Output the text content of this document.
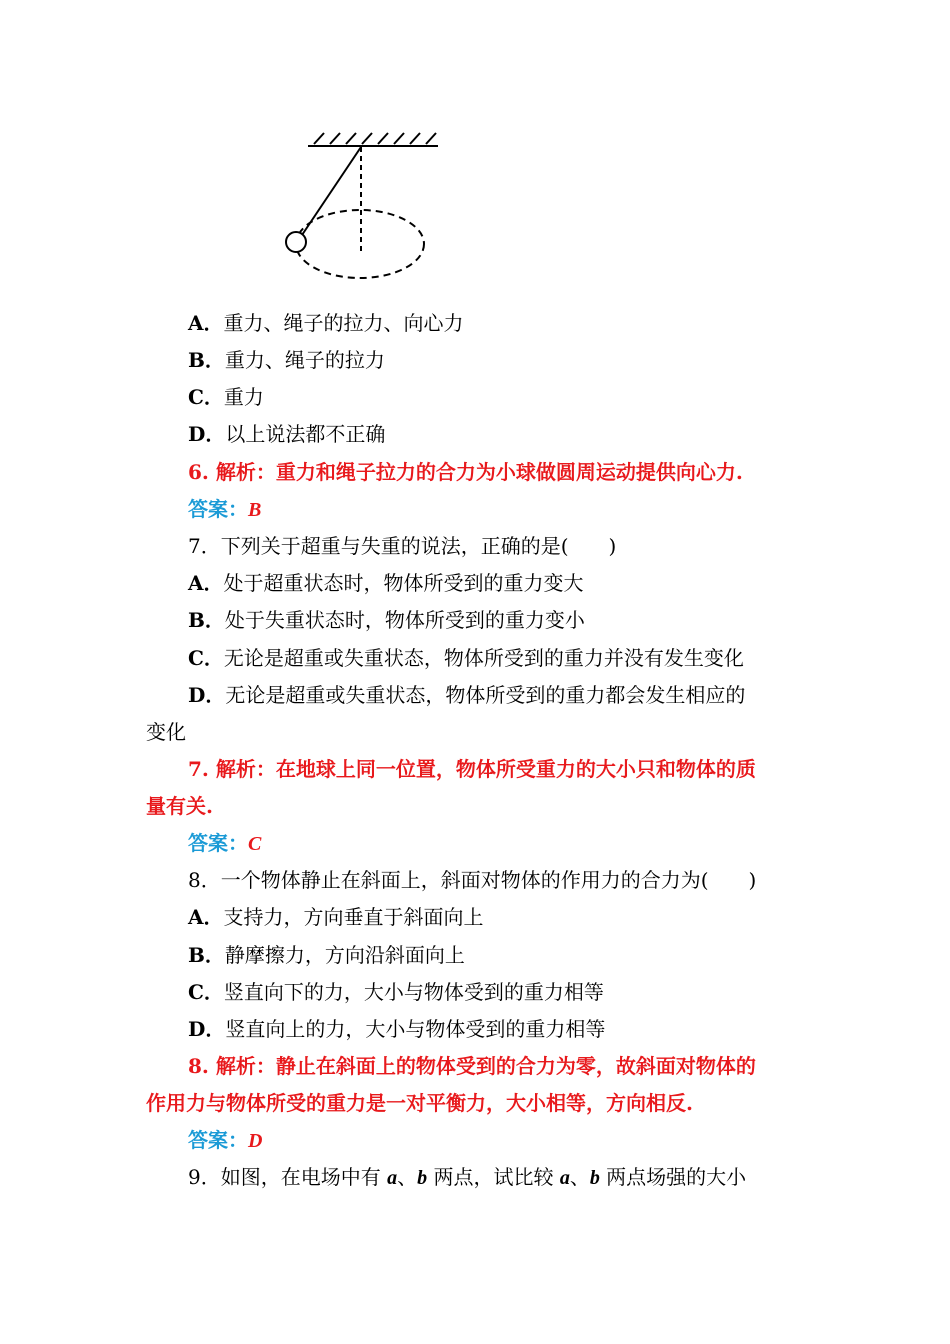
A．重力、绳子的拉力、向心力
B．重力、绳子的拉力
C．重力
D．以上说法都不正确
6. 解析：重力和绳子拉力的合力为小球做圆周运动提供向心力.
答案：B
7．下列关于超重与失重的说法，正确的是( )
A．处于超重状态时，物体所受到的重力变大
B．处于失重状态时，物体所受到的重力变小
C．无论是超重或失重状态，物体所受到的重力并没有发生变化
D．无论是超重或失重状态，物体所受到的重力都会发生相应的
变化
7. 解析：在地球上同一位置，物体所受重力的大小只和物体的质
量有关.
答案：C
8．一个物体静止在斜面上，斜面对物体的作用力的合力为( )
A．支持力，方向垂直于斜面向上
B．静摩擦力，方向沿斜面向上
C．竖直向下的力，大小与物体受到的重力相等
D．竖直向上的力，大小与物体受到的重力相等
8. 解析：静止在斜面上的物体受到的合力为零，故斜面对物体的
作用力与物体所受的重力是一对平衡力，大小相等，方向相反.
答案：D
9．如图，在电场中有 a、b 两点，试比较 a、b 两点场强的大小
